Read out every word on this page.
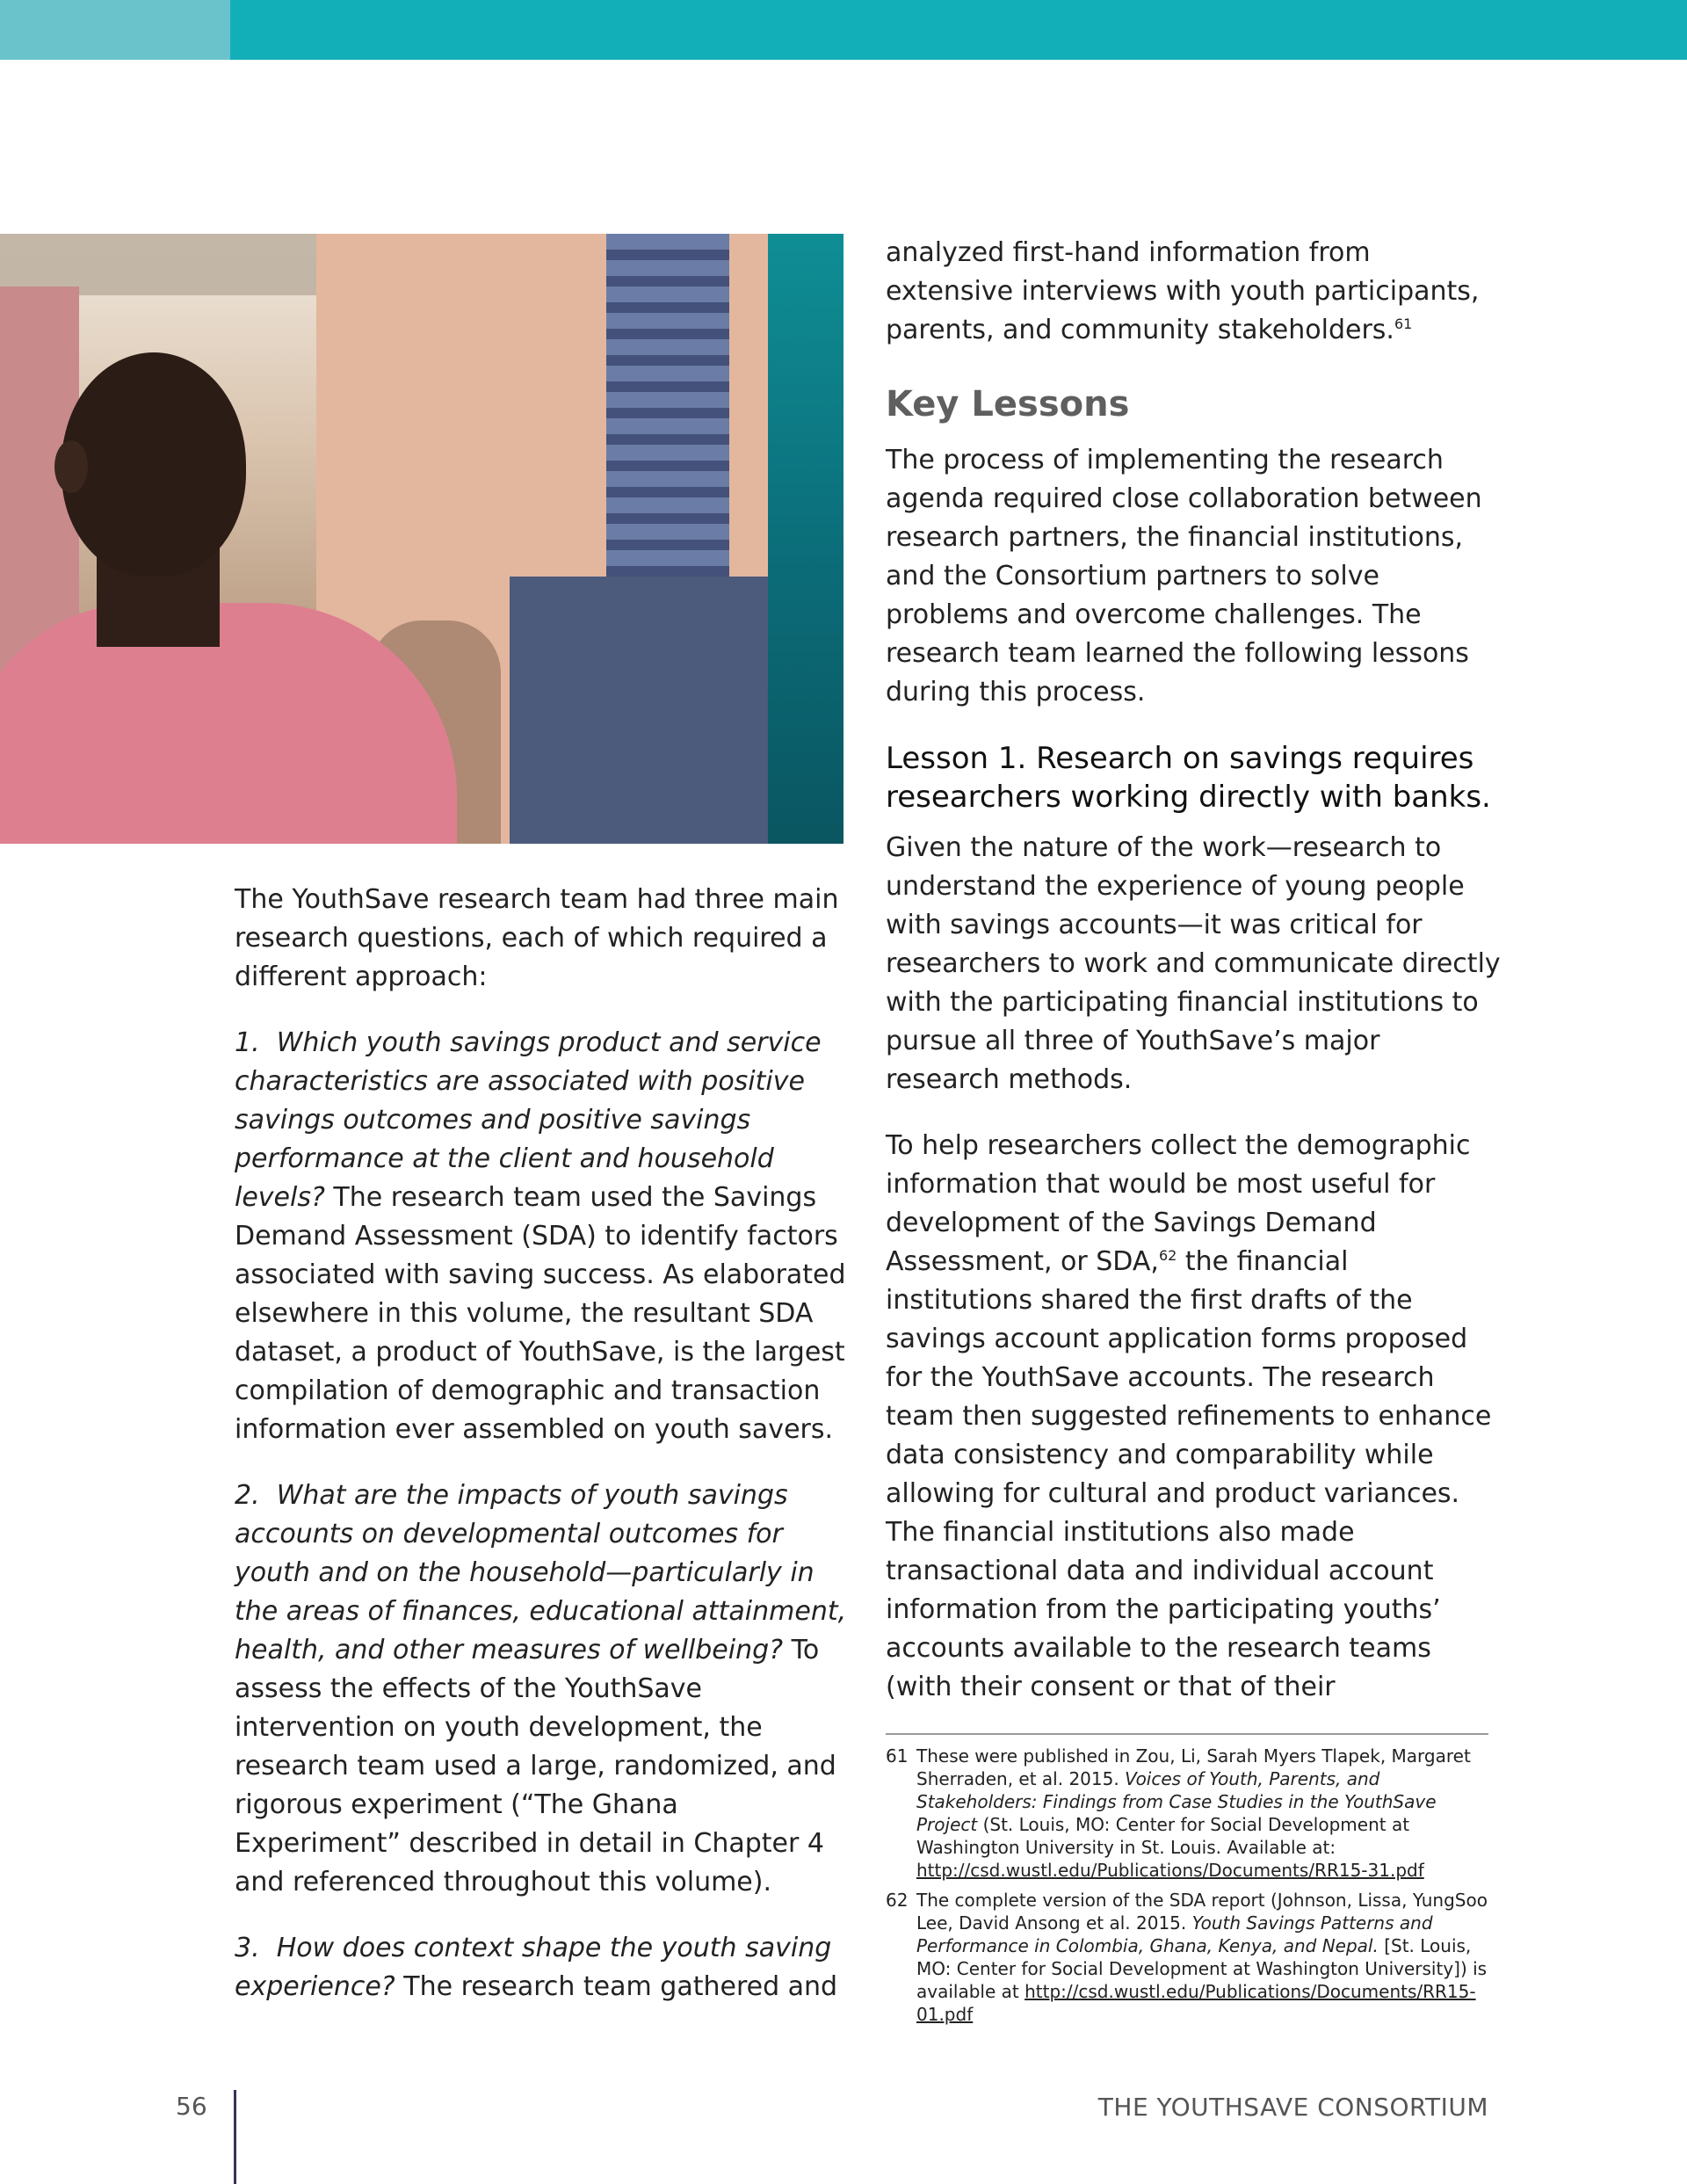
The YouthSave research team had three main research questions, each of which required a different approach:

1.  Which youth savings product and service characteristics are associated with positive savings outcomes and positive savings performance at the client and household levels? The research team used the Savings Demand Assessment (SDA) to identify factors associated with saving success. As elaborated elsewhere in this volume, the resultant SDA dataset, a product of YouthSave, is the largest compilation of demographic and transaction information ever assembled on youth savers.

2.  What are the impacts of youth savings accounts on developmental outcomes for youth and on the household—particularly in the areas of finances, educational attainment, health, and other measures of wellbeing? To assess the effects of the YouthSave intervention on youth development, the research team used a large, randomized, and rigorous experiment (“The Ghana Experiment” described in detail in Chapter 4 and referenced throughout this volume).

3.  How does context shape the youth saving experience? The research team gathered and

analyzed first-hand information from extensive interviews with youth participants, parents, and community stakeholders.$^{61}$

Key Lessons

The process of implementing the research agenda required close collaboration between research partners, the financial institutions, and the Consortium partners to solve problems and overcome challenges. The research team learned the following lessons during this process.

Lesson 1. Research on savings requires researchers working directly with banks.

Given the nature of the work—research to understand the experience of young people with savings accounts—it was critical for researchers to work and communicate directly with the participating financial institutions to pursue all three of YouthSave’s major research methods.

To help researchers collect the demographic information that would be most useful for development of the Savings Demand Assessment, or SDA,$^{62}$ the financial institutions shared the first drafts of the savings account application forms proposed for the YouthSave accounts. The research team then suggested refinements to enhance data consistency and comparability while allowing for cultural and product variances. The financial institutions also made transactional data and individual account information from the participating youths’ accounts available to the research teams (with their consent or that of their

61 These were published in Zou, Li, Sarah Myers Tlapek, Margaret Sherraden, et al. 2015. Voices of Youth, Parents, and Stakeholders: Findings from Case Studies in the YouthSave Project (St. Louis, MO: Center for Social Development at Washington University in St. Louis. Available at: http://csd.wustl.edu/Publications/Documents/RR15-31.pdf
62 The complete version of the SDA report (Johnson, Lissa, YungSoo Lee, David Ansong et al. 2015. Youth Savings Patterns and Performance in Colombia, Ghana, Kenya, and Nepal. [St. Louis, MO: Center for Social Development at Washington University]) is available at http://csd.wustl.edu/Publications/Documents/RR15-01.pdf
56	THE YOUTHSAVE CONSORTIUM
